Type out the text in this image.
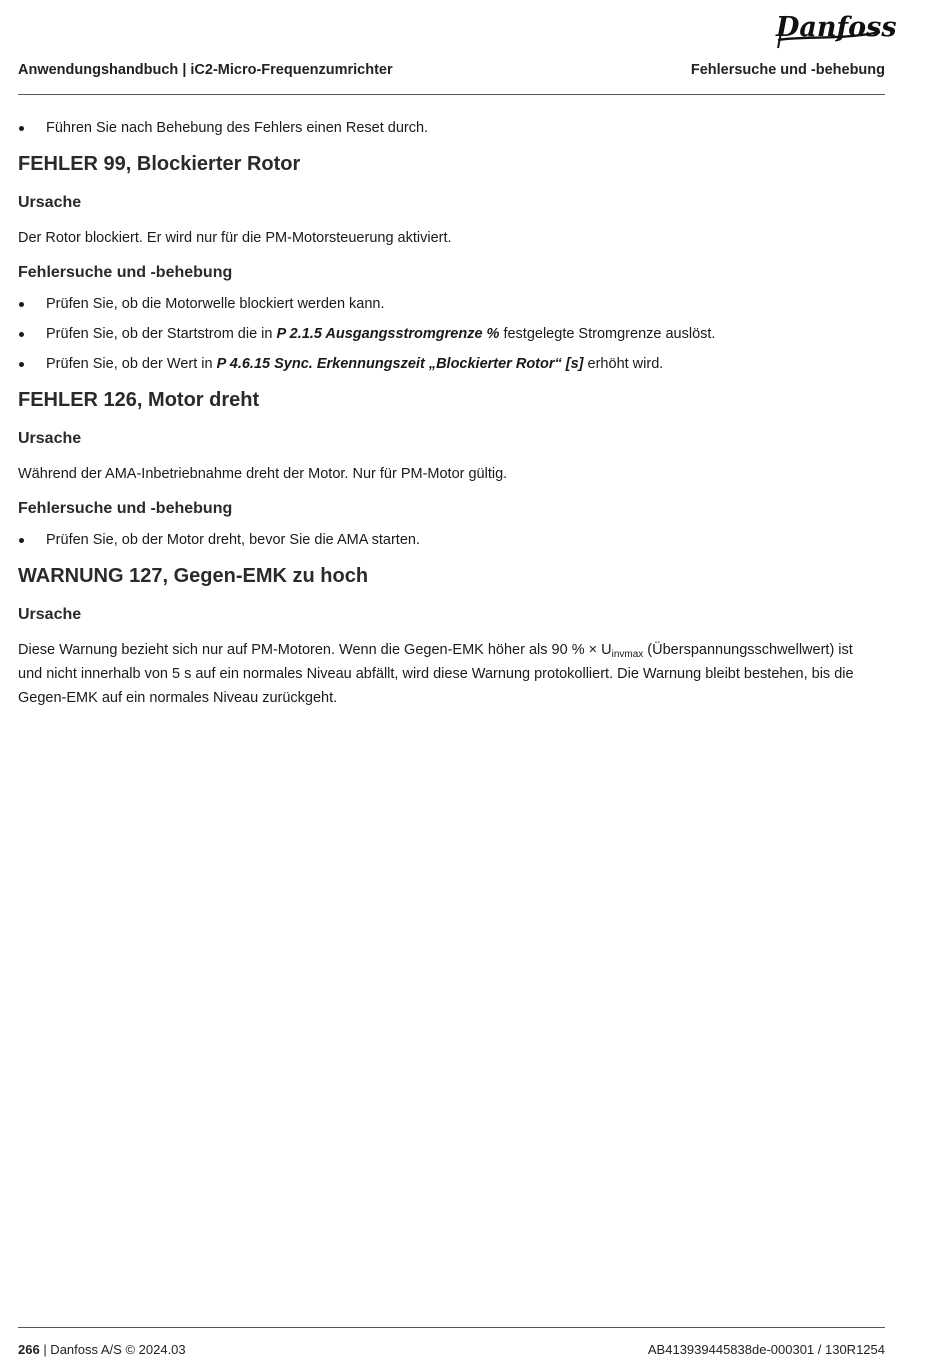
Danfoss
Anwendungshandbuch | iC2-Micro-Frequenzumrichter	Fehlersuche und -behebung
Führen Sie nach Behebung des Fehlers einen Reset durch.
FEHLER 99, Blockierter Rotor
Ursache
Der Rotor blockiert. Er wird nur für die PM-Motorsteuerung aktiviert.
Fehlersuche und -behebung
Prüfen Sie, ob die Motorwelle blockiert werden kann.
Prüfen Sie, ob der Startstrom die in P 2.1.5 Ausgangsstromgrenze % festgelegte Stromgrenze auslöst.
Prüfen Sie, ob der Wert in P 4.6.15 Sync. Erkennungszeit „Blockierter Rotor“ [s] erhöht wird.
FEHLER 126, Motor dreht
Ursache
Während der AMA-Inbetriebnahme dreht der Motor. Nur für PM-Motor gültig.
Fehlersuche und -behebung
Prüfen Sie, ob der Motor dreht, bevor Sie die AMA starten.
WARNUNG 127, Gegen-EMK zu hoch
Ursache
Diese Warnung bezieht sich nur auf PM-Motoren. Wenn die Gegen-EMK höher als 90 % × $U_{invmax}$ (Überspannungsschwellwert) ist und nicht innerhalb von 5 s auf ein normales Niveau abfällt, wird diese Warnung protokolliert. Die Warnung bleibt bestehen, bis die Gegen-EMK auf ein normales Niveau zurückgeht.
266 | Danfoss A/S © 2024.03	AB413939445838de-000301 / 130R1254
